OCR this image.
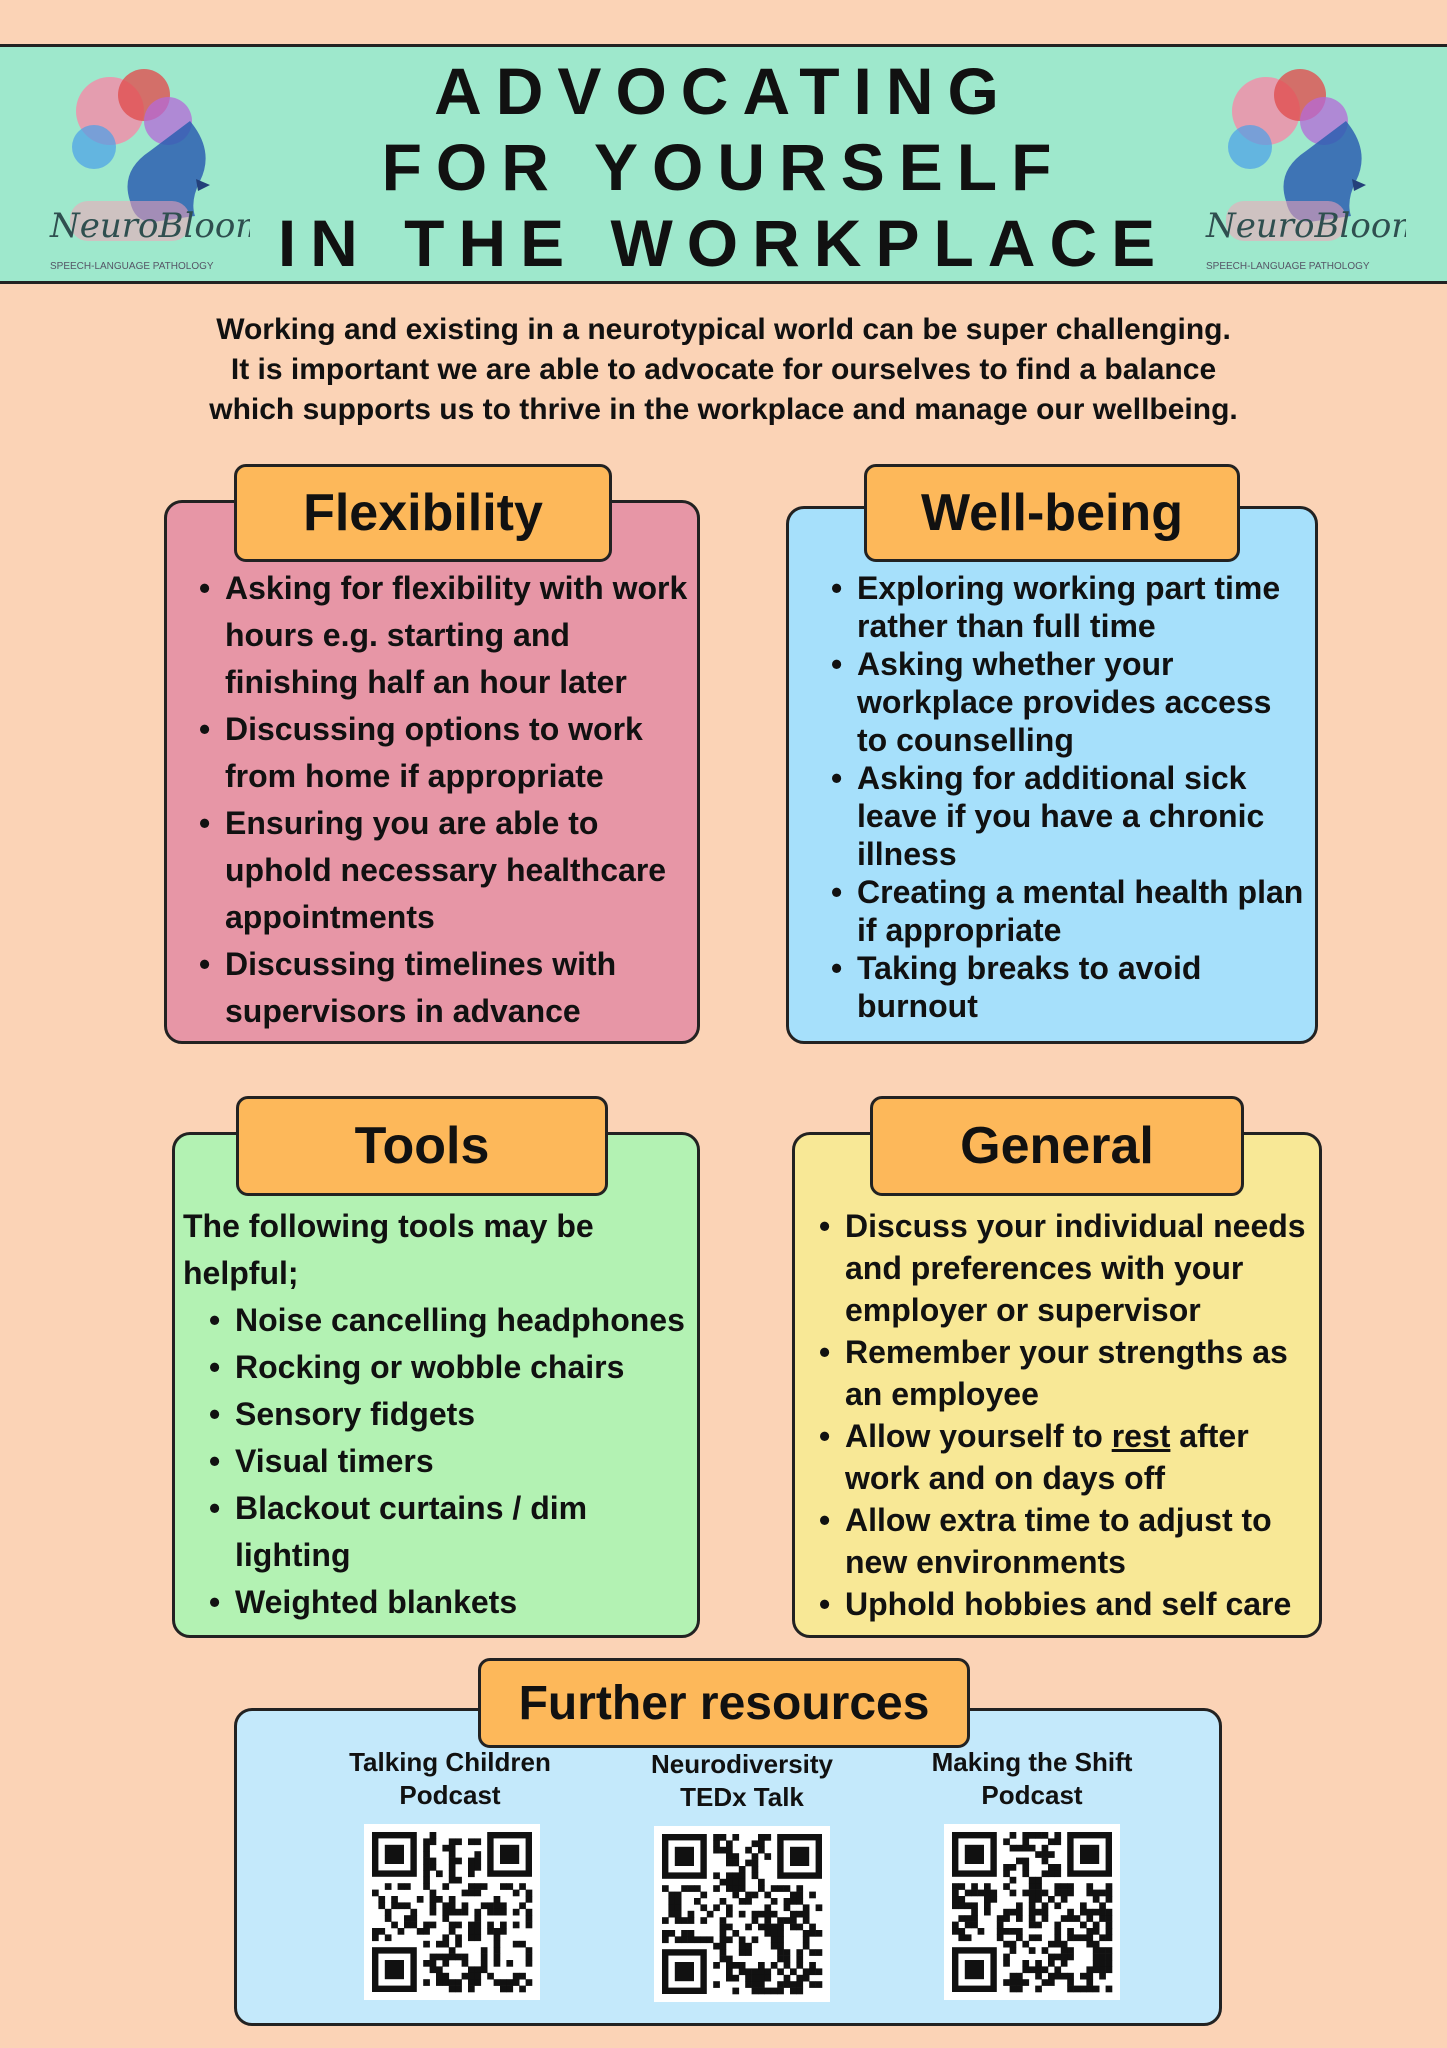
NeuroBloom
SPEECH-LANGUAGE PATHOLOGY
ADVOCATING
FOR YOURSELF
IN THE WORKPLACE	NeuroBloom
SPEECH-LANGUAGE PATHOLOGY
Working and existing in a neurotypical world can be super challenging.
It is important we are able to advocate for ourselves to find a balance
which supports us to thrive in the workplace and manage our wellbeing.
• Asking for flexibility with work hours e.g. starting and finishing half an hour later
• Discussing options to work from home if appropriate
• Ensuring you are able to uphold necessary healthcare appointments
• Discussing timelines with supervisors in advance
Flexibility
• Exploring working part time rather than full time
• Asking whether your workplace provides access to counselling
• Asking for additional sick leave if you have a chronic illness
• Creating a mental health plan if appropriate
• Taking breaks to avoid burnout
Well-being
The following tools may be helpful;
• Noise cancelling headphones
• Rocking or wobble chairs
• Sensory fidgets
• Visual timers
• Blackout curtains / dim lighting
• Weighted blankets
Tools
• Discuss your individual needs and preferences with your employer or supervisor
• Remember your strengths as an employee
• Allow yourself to rest after work and on days off
• Allow extra time to adjust to new environments
• Uphold hobbies and self care
General
Further resources
Talking Children
Podcast
Neurodiversity
TEDx Talk
Making the Shift
Podcast
